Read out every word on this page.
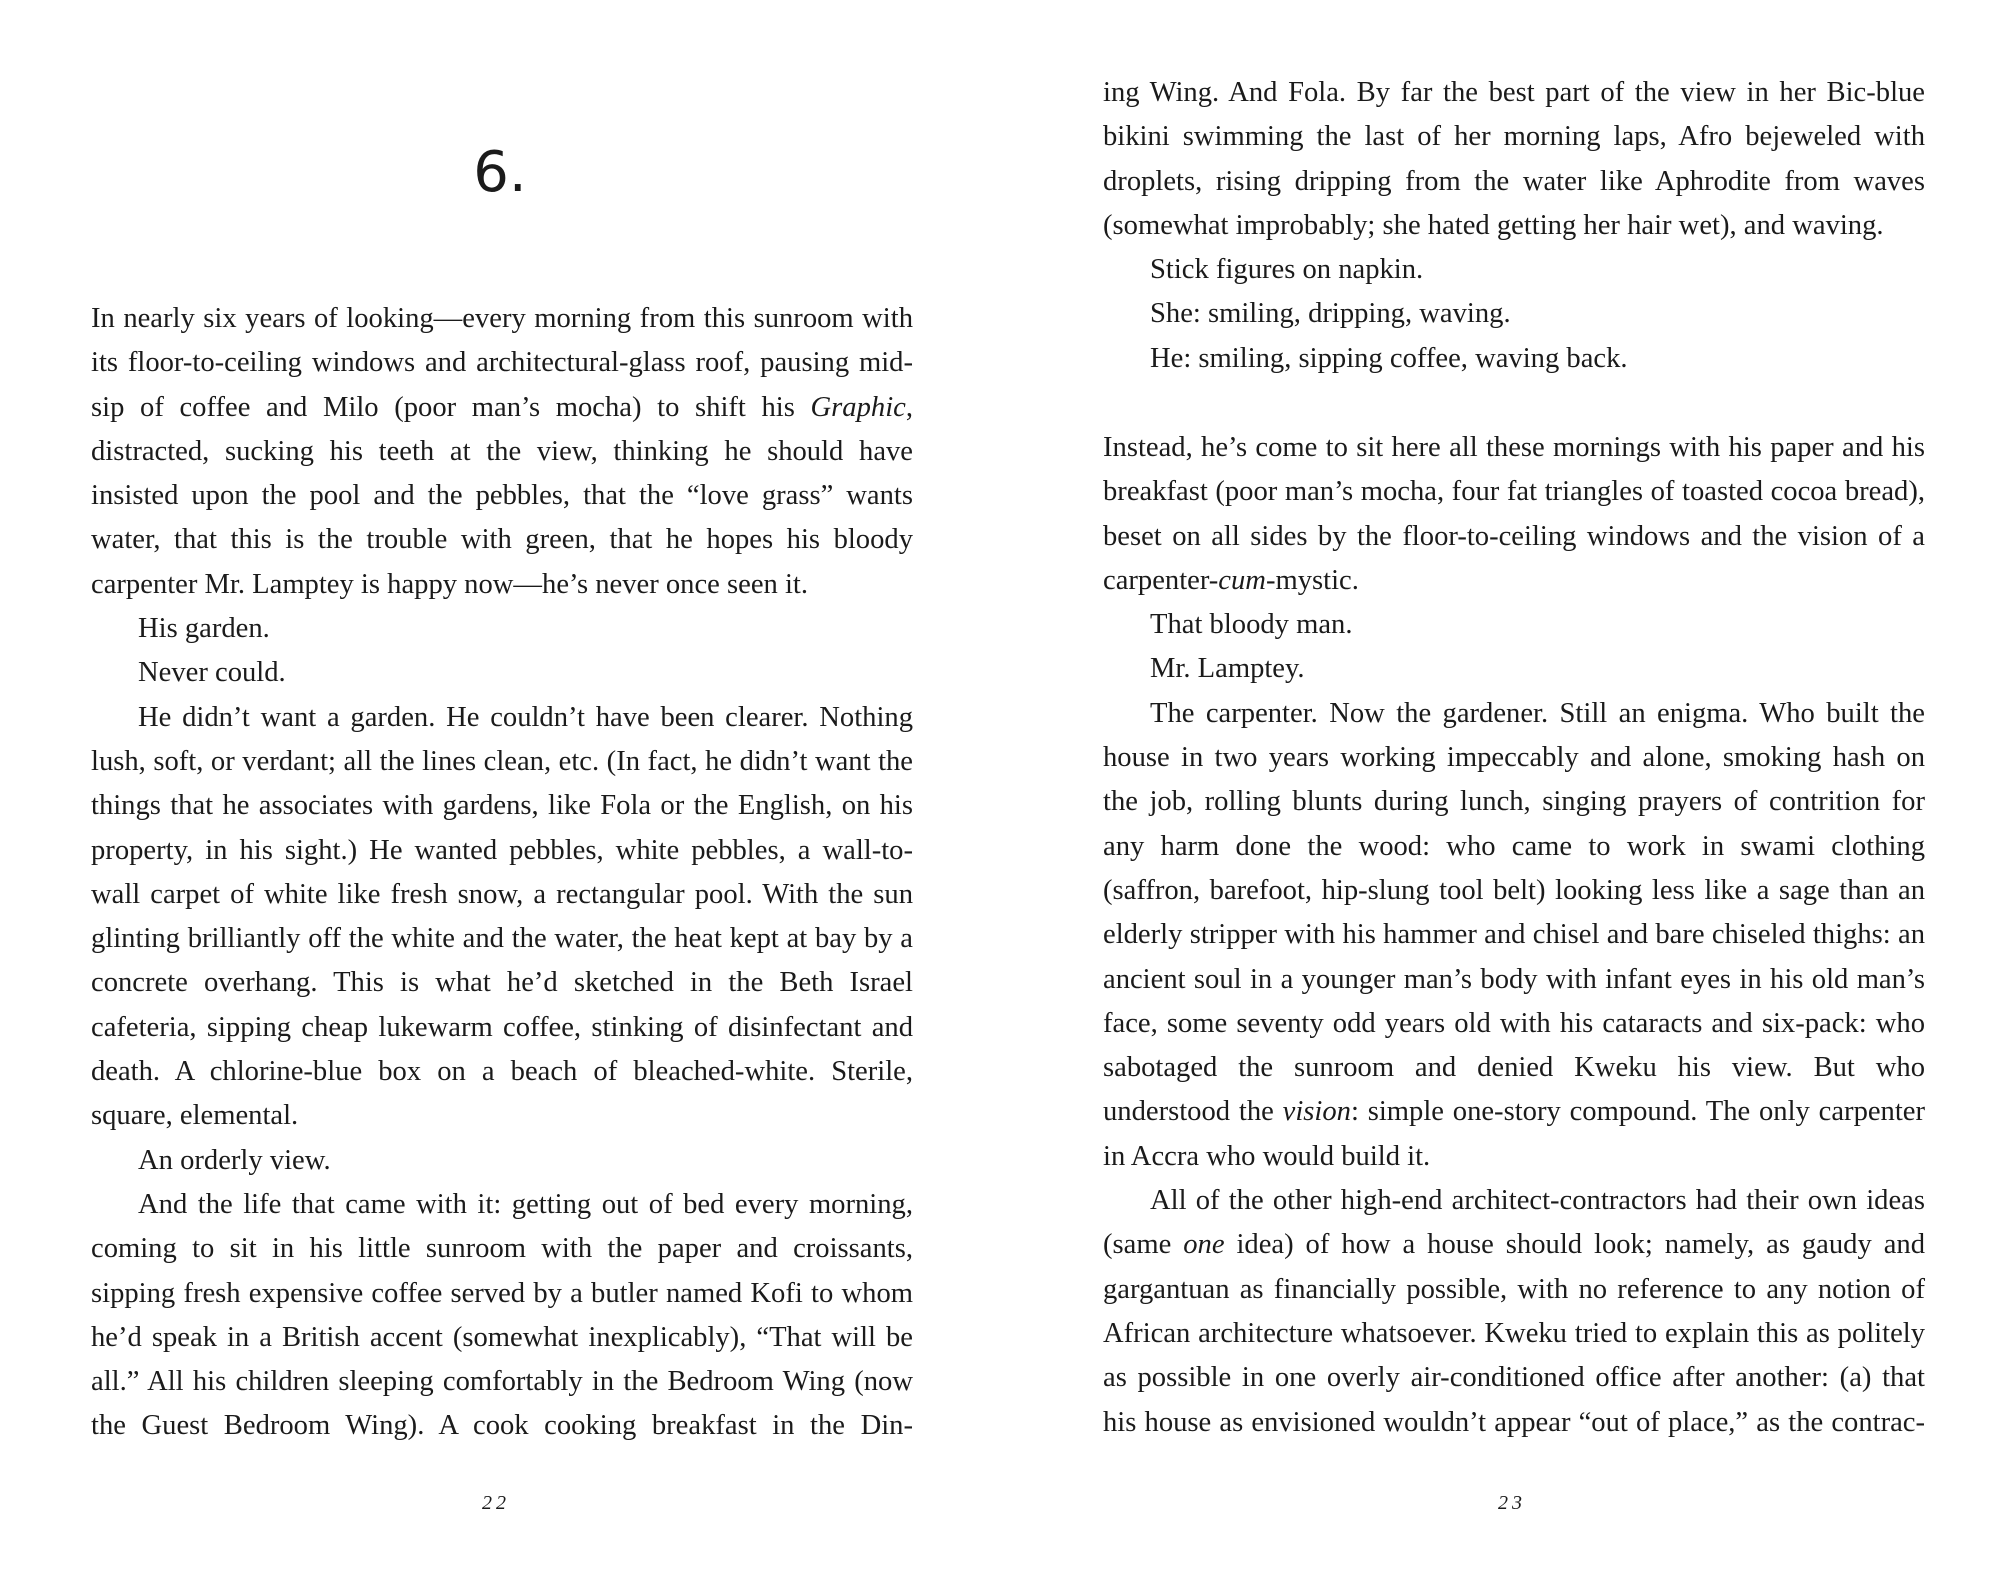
6.

In nearly six years of looking—every morning from this sunroom with its floor-to-ceiling windows and architectural-glass roof, pausing mid-sip of coffee and Milo (poor man’s mocha) to shift his Graphic, distracted, sucking his teeth at the view, thinking he should have insisted upon the pool and the pebbles, that the “love grass” wants water, that this is the trouble with green, that he hopes his bloody carpenter Mr. Lamptey is happy now—he’s never once seen it.

His garden.

Never could.

He didn’t want a garden. He couldn’t have been clearer. Nothing lush, soft, or verdant; all the lines clean, etc. (In fact, he didn’t want the things that he associates with gardens, like Fola or the English, on his property, in his sight.) He wanted pebbles, white pebbles, a wall-to-wall carpet of white like fresh snow, a rectangular pool. With the sun glinting brilliantly off the white and the water, the heat kept at bay by a concrete overhang. This is what he’d sketched in the Beth Israel cafeteria, sipping cheap lukewarm coffee, stinking of disinfectant and death. A chlorine-blue box on a beach of bleached-white. Sterile, square, elemental.

An orderly view.

And the life that came with it: getting out of bed every morning, coming to sit in his little sunroom with the paper and croissants, sipping fresh expensive coffee served by a butler named Kofi to whom he’d speak in a British accent (somewhat inexplicably), “That will be all.” All his children sleeping comfortably in the Bedroom Wing (now the Guest Bedroom Wing). A cook cooking breakfast in the Din-

22

ing Wing. And Fola. By far the best part of the view in her Bic-blue bikini swimming the last of her morning laps, Afro bejeweled with droplets, rising dripping from the water like Aphrodite from waves (somewhat improbably; she hated getting her hair wet), and waving.

Stick figures on napkin.

She: smiling, dripping, waving.

He: smiling, sipping coffee, waving back.

Instead, he’s come to sit here all these mornings with his paper and his breakfast (poor man’s mocha, four fat triangles of toasted cocoa bread), beset on all sides by the floor-to-ceiling windows and the vision of a carpenter-cum-mystic.

That bloody man.

Mr. Lamptey.

The carpenter. Now the gardener. Still an enigma. Who built the house in two years working impeccably and alone, smoking hash on the job, rolling blunts during lunch, singing prayers of contrition for any harm done the wood: who came to work in swami clothing (saffron, barefoot, hip-slung tool belt) looking less like a sage than an elderly stripper with his hammer and chisel and bare chiseled thighs: an ancient soul in a younger man’s body with infant eyes in his old man’s face, some seventy odd years old with his cataracts and six-pack: who sabotaged the sunroom and denied Kweku his view. But who understood the vision: simple one-story compound. The only carpenter in Accra who would build it.

All of the other high-end architect-contractors had their own ideas (same one idea) of how a house should look; namely, as gaudy and gargantuan as financially possible, with no reference to any notion of African architecture whatsoever. Kweku tried to explain this as politely as possible in one overly air-conditioned office after another: (a) that his house as envisioned wouldn’t appear “out of place,” as the contrac-

23
